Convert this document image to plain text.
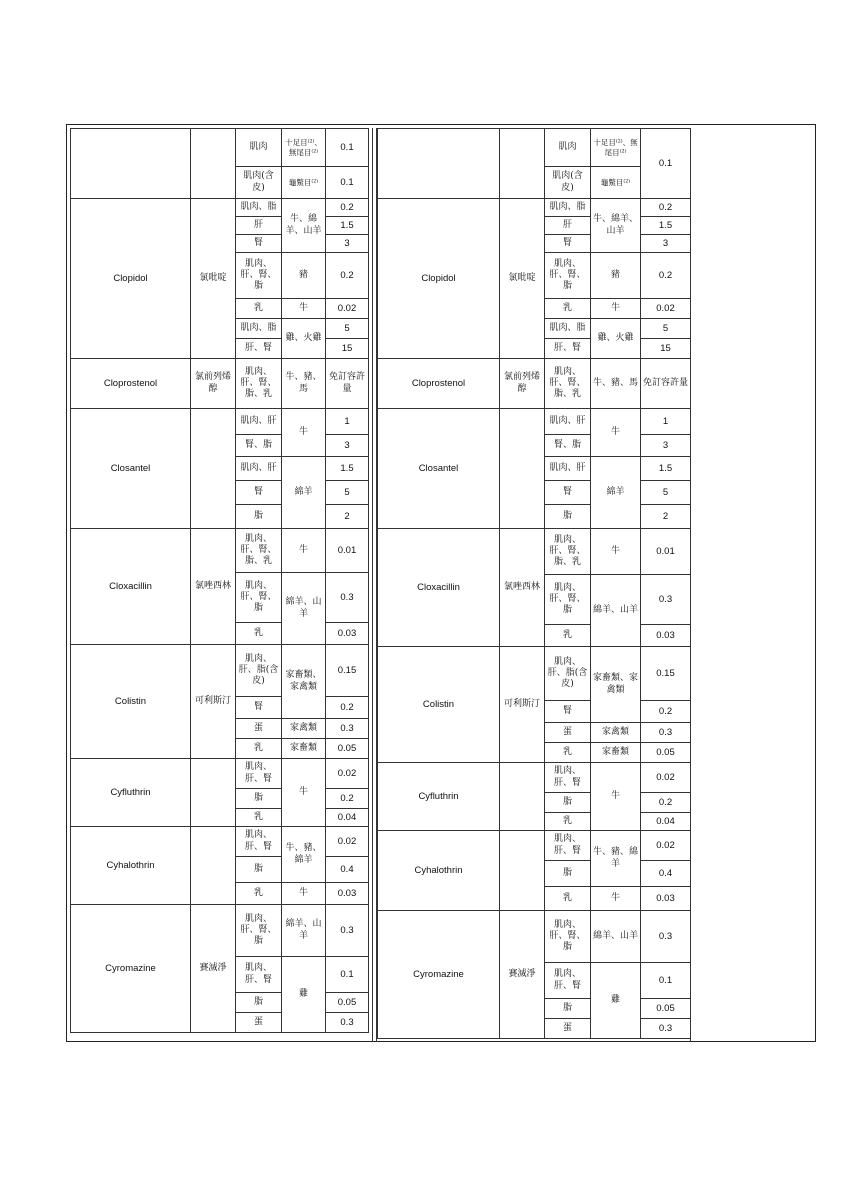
		肌肉	十足目⁽²⁾、無尾目⁽²⁾	0.1
		肌肉(含皮)	龜鱉目⁽²⁾	0.1
Clopidol	氯吡啶	肌肉、脂	牛、綿羊、山羊	0.2
		肝		1.5
		腎		3
		肌肉、肝、腎、脂	豬	0.2
		乳	牛	0.02
		肌肉、脂	雞、火雞	5
		肝、腎		15
Cloprostenol	氯前列烯醇	肌肉、肝、腎、脂、乳	牛、豬、馬	免訂容許量
Closantel		肌肉、肝	牛	1
		腎、脂		3
		肌肉、肝	綿羊	1.5
		腎		5
		脂		2
Cloxacillin	氯唑西林	肌肉、肝、腎、脂、乳	牛	0.01
		肌肉、肝、腎、脂	綿羊、山羊	0.3
		乳		0.03
Colistin	可利斯汀	肌肉、肝、脂(含皮)	家畜類、家禽類	0.15
		腎		0.2
		蛋	家禽類	0.3
		乳	家畜類	0.05
Cyfluthrin		肌肉、肝、腎	牛	0.02
		脂		0.2
		乳		0.04
Cyhalothrin		肌肉、肝、腎	牛、豬、綿羊	0.02
		脂		0.4
		乳	牛	0.03
Cyromazine	賽滅淨	肌肉、肝、腎、脂	綿羊、山羊	0.3
		肌肉、肝、腎	雞	0.1
		脂		0.05
		蛋		0.3
		肌肉	十足目⁽²⁾、無尾目⁽²⁾	0.1
		肌肉(含皮)	龜鱉目⁽²⁾	
Clopidol	氯吡啶	肌肉、脂	牛、綿羊、山羊	0.2
		肝		1.5
		腎		3
		肌肉、肝、腎、脂	豬	0.2
		乳	牛	0.02
		肌肉、脂	雞、火雞	5
		肝、腎		15
Cloprostenol	氯前列烯醇	肌肉、肝、腎、脂、乳	牛、豬、馬	免訂容許量
Closantel		肌肉、肝	牛	1
		腎、脂		3
		肌肉、肝	綿羊	1.5
		腎		5
		脂		2
Cloxacillin	氯唑西林	肌肉、肝、腎、脂、乳	牛	0.01
		肌肉、肝、腎、脂	綿羊、山羊	0.3
		乳		0.03
Colistin	可利斯汀	肌肉、肝、脂(含皮)	家畜類、家禽類	0.15
		腎		0.2
		蛋	家禽類	0.3
		乳	家畜類	0.05
Cyfluthrin		肌肉、肝、腎	牛	0.02
		脂		0.2
		乳		0.04
Cyhalothrin		肌肉、肝、腎	牛、豬、綿羊	0.02
		脂		0.4
		乳	牛	0.03
Cyromazine	賽滅淨	肌肉、肝、腎、脂	綿羊、山羊	0.3
		肌肉、肝、腎	雞	0.1
		脂		0.05
		蛋		0.3
